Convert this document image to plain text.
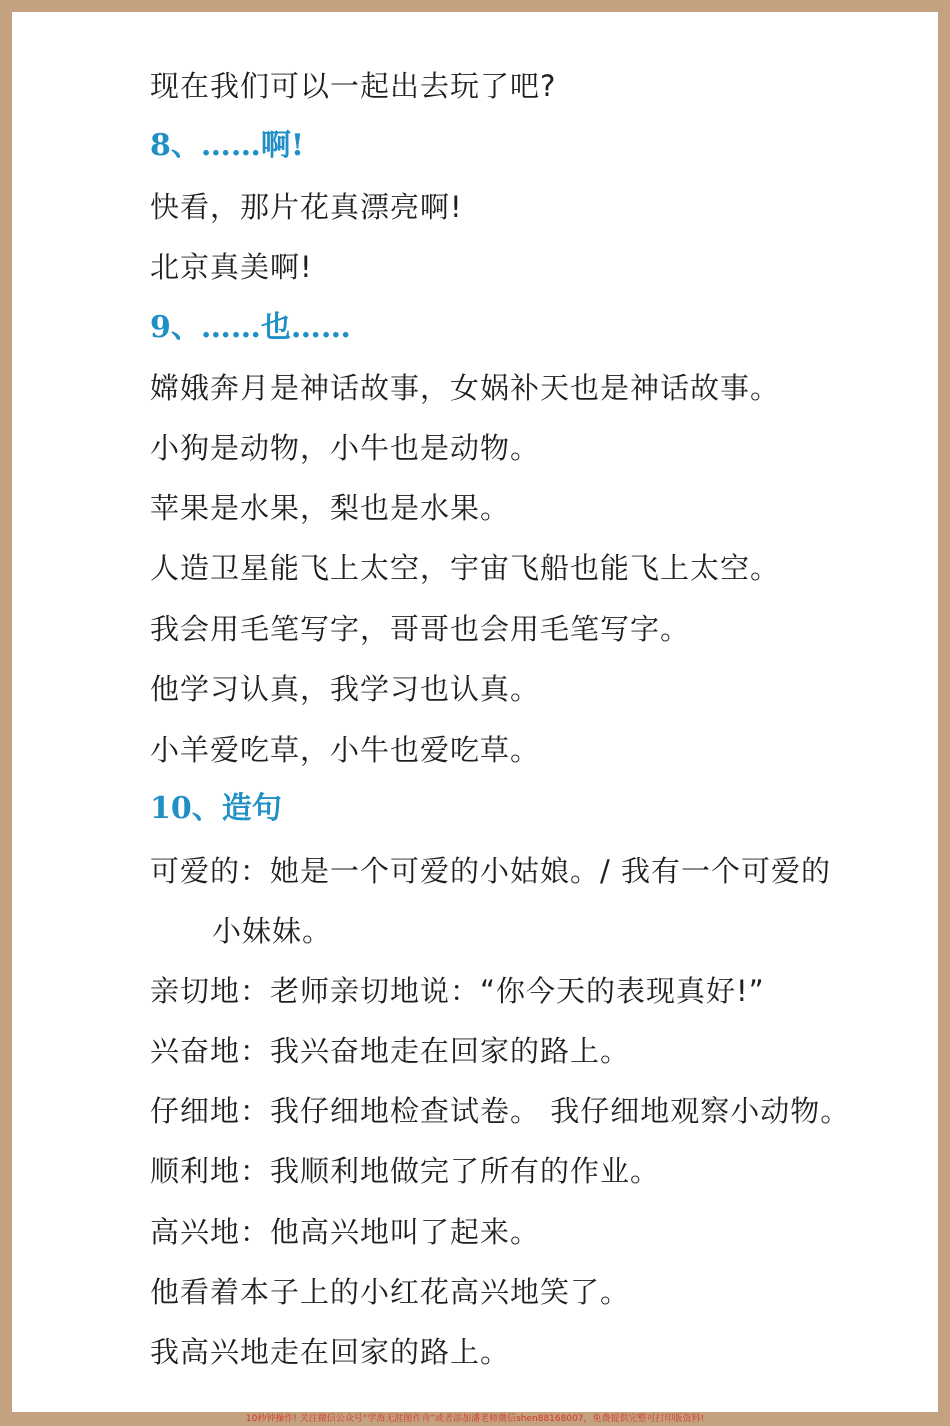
现在我们可以一起出去玩了吧?
8、……啊!
快看，那片花真漂亮啊!
北京真美啊!
9、……也……
嫦娥奔月是神话故事，女娲补天也是神话故事。
小狗是动物，小牛也是动物。
苹果是水果，梨也是水果。
人造卫星能飞上太空，宇宙飞船也能飞上太空。
我会用毛笔写字，哥哥也会用毛笔写字。
他学习认真，我学习也认真。
小羊爱吃草，小牛也爱吃草。
10、造句
可爱的：她是一个可爱的小姑娘。/ 我有一个可爱的
小妹妹。
亲切地：老师亲切地说：“你今天的表现真好!”
兴奋地：我兴奋地走在回家的路上。
仔细地：我仔细地检查试卷。 我仔细地观察小动物。
顺利地：我顺利地做完了所有的作业。
高兴地：他高兴地叫了起来。
他看着本子上的小红花高兴地笑了。
我高兴地走在回家的路上。
10秒钟操作! 关注微信公众号“学海无涯图作舟”或者添加潘老师微信shen88168007，免费提供完整可打印版资料!
